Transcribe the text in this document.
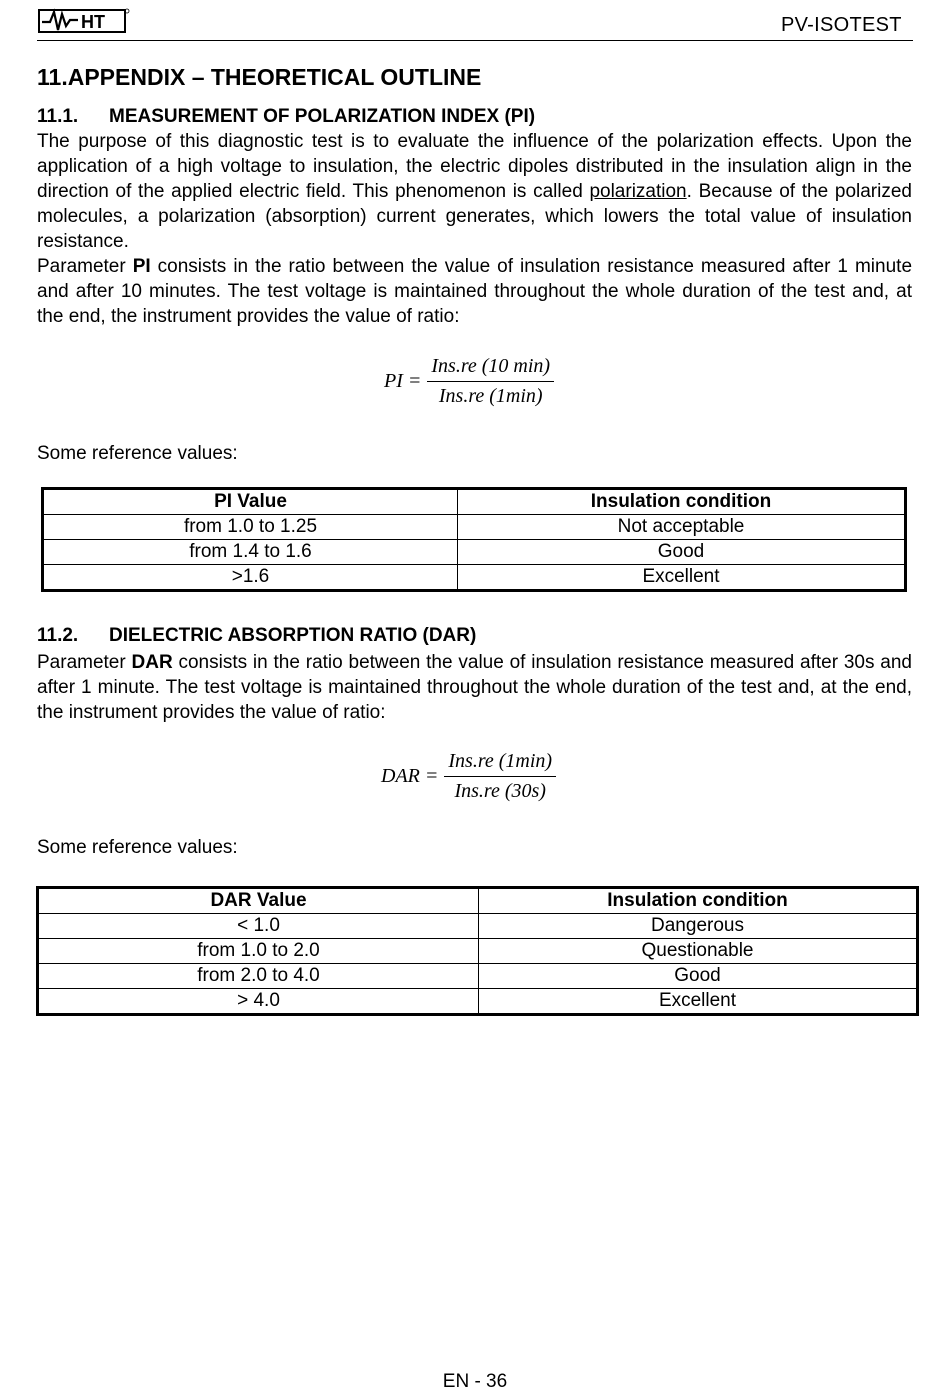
HT	PV-ISOTEST
11.APPENDIX – THEORETICAL OUTLINE
11.1. MEASUREMENT OF POLARIZATION INDEX (PI)

The purpose of this diagnostic test is to evaluate the influence of the polarization effects. Upon the application of a high voltage to insulation, the electric dipoles distributed in the insulation align in the direction of the applied electric field. This phenomenon is called polarization. Because of the polarized molecules, a polarization (absorption) current generates, which lowers the total value of insulation resistance.

Parameter PI consists in the ratio between the value of insulation resistance measured after 1 minute and after 10 minutes. The test voltage is maintained throughout the whole duration of the test and, at the end, the instrument provides the value of ratio:

PI = $\frac{\text{Ins.re (10 min)}}{\text{Ins.re (1min)}}$
Some reference values:
PI Value	Insulation condition
from 1.0 to 1.25	Not acceptable
from 1.4 to 1.6	Good
>1.6	Excellent
11.2. DIELECTRIC ABSORPTION RATIO (DAR)

Parameter DAR consists in the ratio between the value of insulation resistance measured after 30s and after 1 minute. The test voltage is maintained throughout the whole duration of the test and, at the end, the instrument provides the value of ratio:

DAR = $\frac{\text{Ins.re (1min)}}{\text{Ins.re (30s)}}$
Some reference values:
DAR Value	Insulation condition
< 1.0	Dangerous
from 1.0 to 2.0	Questionable
from 2.0 to 4.0	Good
> 4.0	Excellent
EN - 36
